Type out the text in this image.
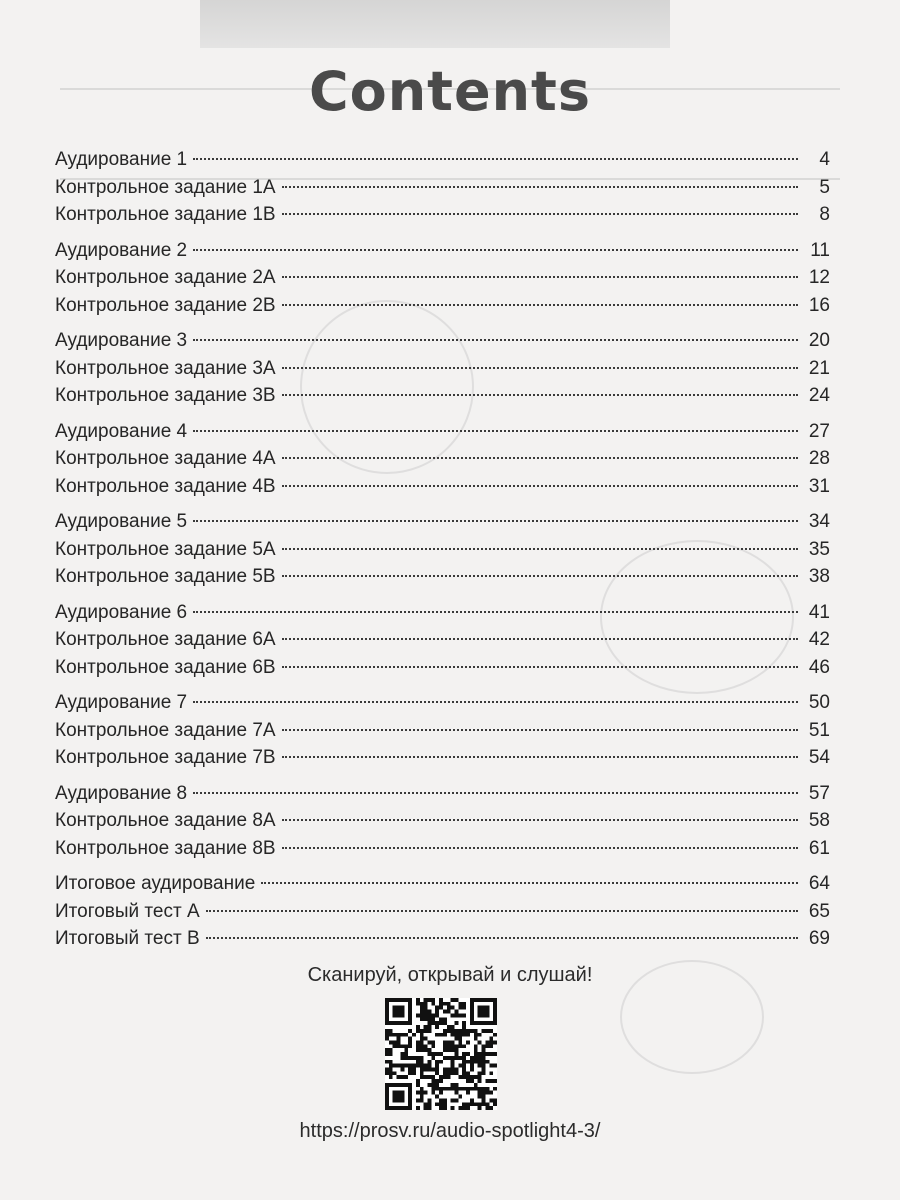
Contents
Аудирование 1	4
Контрольное задание 1А	5
Контрольное задание 1В	8
Аудирование 2	11
Контрольное задание 2А	12
Контрольное задание 2В	16
Аудирование 3	20
Контрольное задание 3А	21
Контрольное задание 3В	24
Аудирование 4	27
Контрольное задание 4А	28
Контрольное задание 4В	31
Аудирование 5	34
Контрольное задание 5А	35
Контрольное задание 5В	38
Аудирование 6	41
Контрольное задание 6А	42
Контрольное задание 6В	46
Аудирование 7	50
Контрольное задание 7А	51
Контрольное задание 7В	54
Аудирование 8	57
Контрольное задание 8А	58
Контрольное задание 8В	61
Итоговое аудирование	64
Итоговый тест А	65
Итоговый тест В	69
Сканируй, открывай и слушай!
https://prosv.ru/audio-spotlight4-3/
